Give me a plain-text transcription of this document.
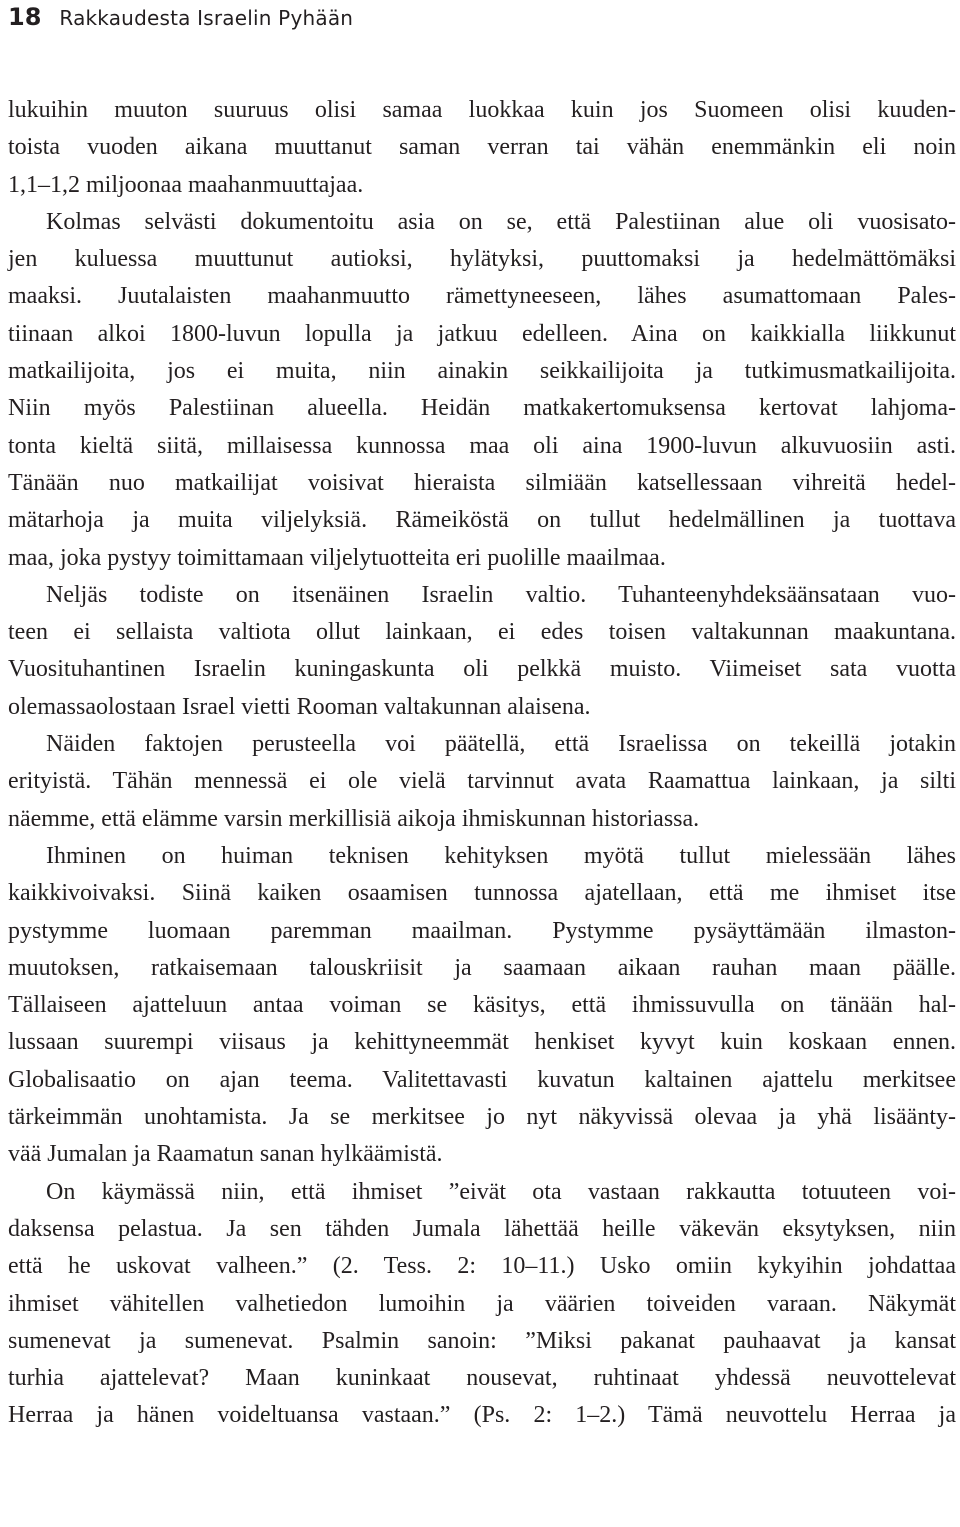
18 Rakkaudesta Israelin Pyhään
lukuihin muuton suuruus olisi samaa luokkaa kuin jos Suomeen olisi kuuden-
toista vuoden aikana muuttanut saman verran tai vähän enemmänkin eli noin
1,1–1,2 miljoonaa maahanmuuttajaa.
Kolmas selvästi dokumentoitu asia on se, että Palestiinan alue oli vuosisato-
jen kuluessa muuttunut autioksi, hylätyksi, puuttomaksi ja hedelmättömäksi
maaksi. Juutalaisten maahanmuutto rämettyneeseen, lähes asumattomaan Pales-
tiinaan alkoi 1800-luvun lopulla ja jatkuu edelleen. Aina on kaikkialla liikkunut
matkailijoita, jos ei muita, niin ainakin seikkailijoita ja tutkimusmatkailijoita.
Niin myös Palestiinan alueella. Heidän matkakertomuksensa kertovat lahjoma-
tonta kieltä siitä, millaisessa kunnossa maa oli aina 1900-luvun alkuvuosiin asti.
Tänään nuo matkailijat voisivat hieraista silmiään katsellessaan vihreitä hedel-
mätarhoja ja muita viljelyksiä. Rämeiköstä on tullut hedelmällinen ja tuottava
maa, joka pystyy toimittamaan viljelytuotteita eri puolille maailmaa.
Neljäs todiste on itsenäinen Israelin valtio. Tuhanteenyhdeksäänsataan vuo-
teen ei sellaista valtiota ollut lainkaan, ei edes toisen valtakunnan maakuntana.
Vuosituhantinen Israelin kuningaskunta oli pelkkä muisto. Viimeiset sata vuotta
olemassaolostaan Israel vietti Rooman valtakunnan alaisena.
Näiden faktojen perusteella voi päätellä, että Israelissa on tekeillä jotakin
erityistä. Tähän mennessä ei ole vielä tarvinnut avata Raamattua lainkaan, ja silti
näemme, että elämme varsin merkillisiä aikoja ihmiskunnan historiassa.
Ihminen on huiman teknisen kehityksen myötä tullut mielessään lähes
kaikkivoivaksi. Siinä kaiken osaamisen tunnossa ajatellaan, että me ihmiset itse
pystymme luomaan paremman maailman. Pystymme pysäyttämään ilmaston-
muutoksen, ratkaisemaan talouskriisit ja saamaan aikaan rauhan maan päälle.
Tällaiseen ajatteluun antaa voiman se käsitys, että ihmissuvulla on tänään hal-
lussaan suurempi viisaus ja kehittyneemmät henkiset kyvyt kuin koskaan ennen.
Globalisaatio on ajan teema. Valitettavasti kuvatun kaltainen ajattelu merkitsee
tärkeimmän unohtamista. Ja se merkitsee jo nyt näkyvissä olevaa ja yhä lisäänty-
vää Jumalan ja Raamatun sanan hylkäämistä.
On käymässä niin, että ihmiset ”eivät ota vastaan rakkautta totuuteen voi-
daksensa pelastua. Ja sen tähden Jumala lähettää heille väkevän eksytyksen, niin
että he uskovat valheen.” (2. Tess. 2: 10–11.) Usko omiin kykyihin johdattaa
ihmiset vähitellen valhetiedon lumoihin ja väärien toiveiden varaan. Näkymät
sumenevat ja sumenevat. Psalmin sanoin: ”Miksi pakanat pauhaavat ja kansat
turhia ajattelevat? Maan kuninkaat nousevat, ruhtinaat yhdessä neuvottelevat
Herraa ja hänen voideltuansa vastaan.” (Ps. 2: 1–2.) Tämä neuvottelu Herraa ja
